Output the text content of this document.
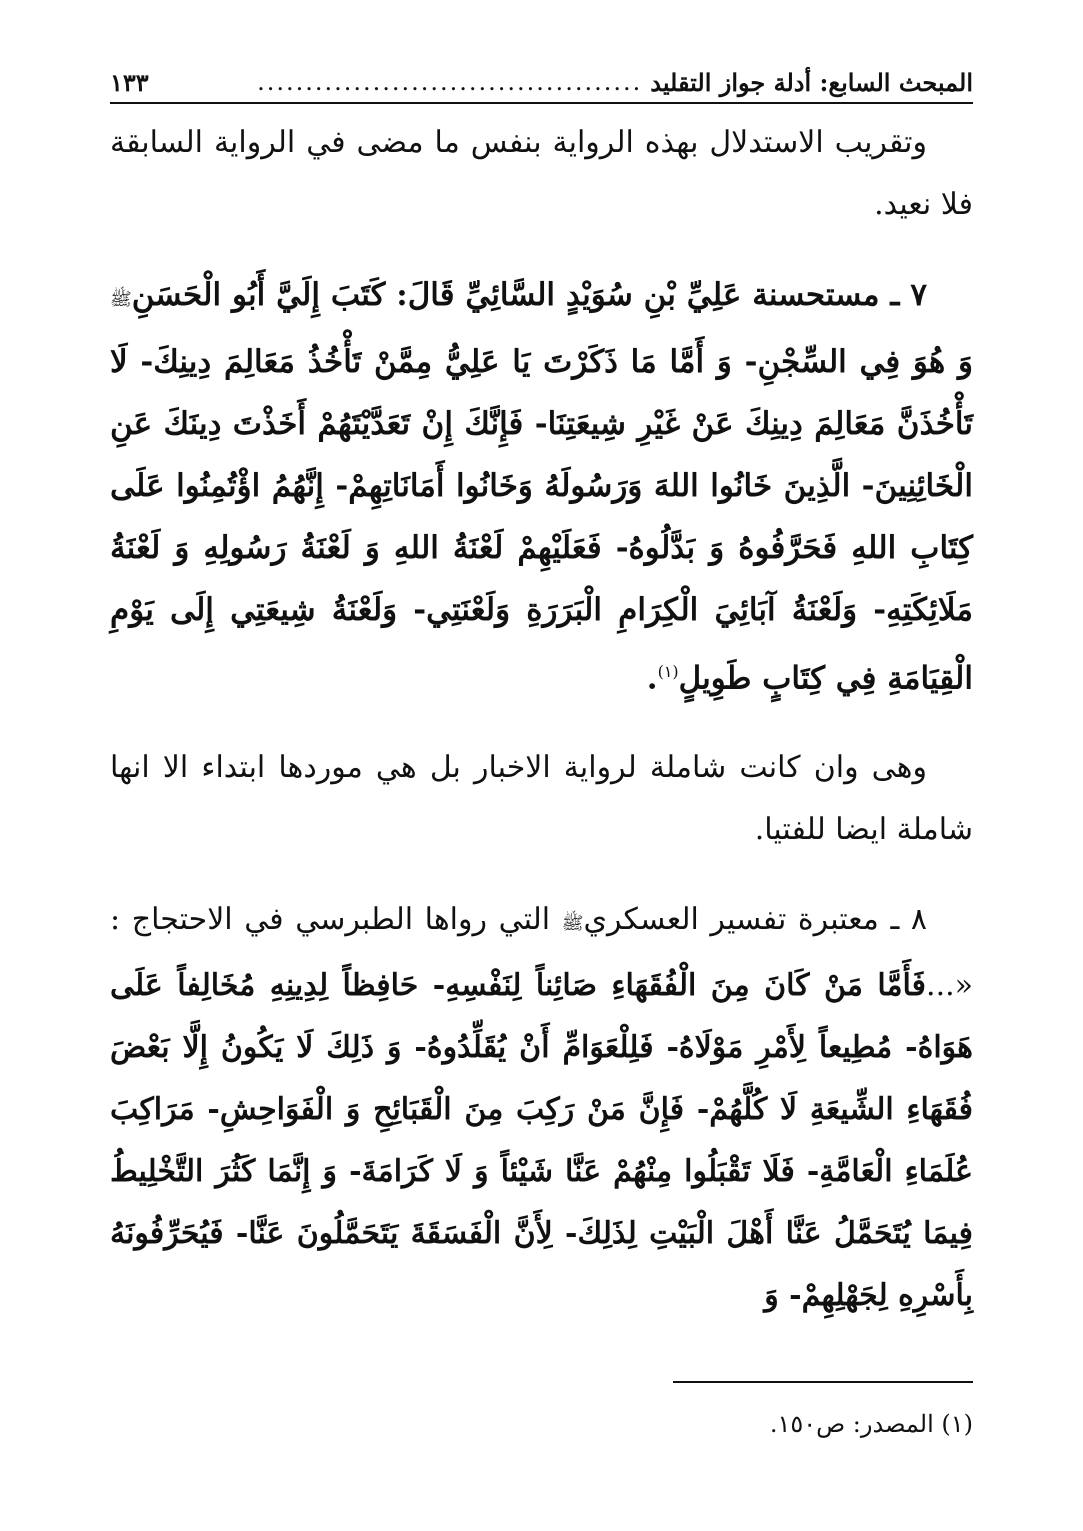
المبحث السابع: أدلة جواز التقليد
........................................
١٣٣

وتقريب الاستدلال بهذه الرواية بنفس ما مضى في الرواية السابقة فلا نعيد.

٧ ـ مستحسنة عَلِيِّ بْنِ سُوَيْدٍ السَّائِيِّ قَالَ: كَتَبَ إِلَيَّ أَبُو الْحَسَنِﷺ وَ هُوَ فِي السِّجْنِ- وَ أَمَّا مَا ذَكَرْتَ يَا عَلِيُّ مِمَّنْ تَأْخُذُ مَعَالِمَ دِينِكَ- لَا تَأْخُذَنَّ مَعَالِمَ دِينِكَ عَنْ غَيْرِ شِيعَتِنَا- فَإِنَّكَ إِنْ تَعَدَّيْتَهُمْ أَخَذْتَ دِينَكَ عَنِ الْخَائِنِينَ- الَّذِينَ خَانُوا اللهَ وَرَسُولَهُ وَخَانُوا أَمَانَاتِهِمْ- إِنَّهُمُ اؤْتُمِنُوا عَلَى كِتَابِ اللهِ فَحَرَّفُوهُ وَ بَدَّلُوهُ- فَعَلَيْهِمْ لَعْنَةُ اللهِ وَ لَعْنَةُ رَسُولِهِ وَ لَعْنَةُ مَلَائِكَتِهِ- وَلَعْنَةُ آبَائِيَ الْكِرَامِ الْبَرَرَةِ وَلَعْنَتِي- وَلَعْنَةُ شِيعَتِي إِلَى يَوْمِ الْقِيَامَةِ فِي كِتَابٍ طَوِيلٍ$^{(١)}$.

وهى وان كانت شاملة لرواية الاخبار بل هي موردها ابتداء الا انها شاملة ايضا للفتيا.

٨ ـ معتبرة تفسير العسكريﷺ التي رواها الطبرسي في الاحتجاج : «...فَأَمَّا مَنْ كَانَ مِنَ الْفُقَهَاءِ صَائِناً لِنَفْسِهِ- حَافِظاً لِدِينِهِ مُخَالِفاً عَلَى هَوَاهُ- مُطِيعاً لِأَمْرِ مَوْلَاهُ- فَلِلْعَوَامِّ أَنْ يُقَلِّدُوهُ- وَ ذَلِكَ لَا يَكُونُ إِلَّا بَعْضَ فُقَهَاءِ الشِّيعَةِ لَا كُلَّهُمْ- فَإِنَّ مَنْ رَكِبَ مِنَ الْقَبَائِحِ وَ الْفَوَاحِشِ- مَرَاكِبَ عُلَمَاءِ الْعَامَّةِ- فَلَا تَقْبَلُوا مِنْهُمْ عَنَّا شَيْئاً وَ لَا كَرَامَةَ- وَ إِنَّمَا كَثُرَ التَّخْلِيطُ فِيمَا يُتَحَمَّلُ عَنَّا أَهْلَ الْبَيْتِ لِذَلِكَ- لِأَنَّ الْفَسَقَةَ يَتَحَمَّلُونَ عَنَّا- فَيُحَرِّفُونَهُ بِأَسْرِهِ لِجَهْلِهِمْ- وَ

(١) المصدر: ص١٥٠.
